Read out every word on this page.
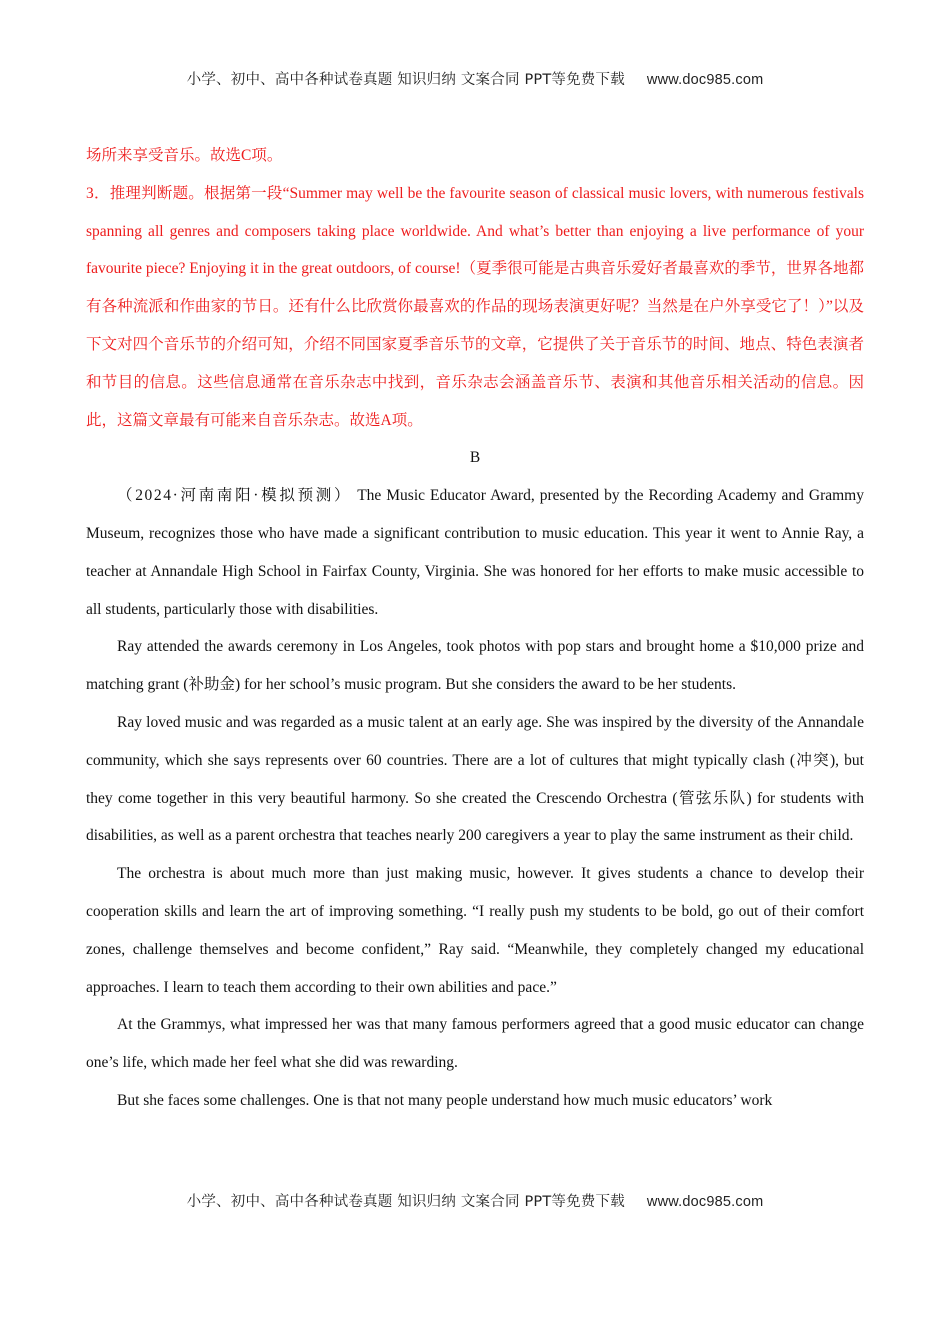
小学、初中、高中各种试卷真题 知识归纳 文案合同 PPT等免费下载 www.doc985.com

场所来享受音乐。故选C项。

3．推理判断题。根据第一段“Summer may well be the favourite season of classical music lovers, with numerous festivals spanning all genres and composers taking place worldwide. And what’s better than enjoying a live performance of your favourite piece? Enjoying it in the great outdoors, of course!（夏季很可能是古典音乐爱好者最喜欢的季节，世界各地都有各种流派和作曲家的节日。还有什么比欣赏你最喜欢的作品的现场表演更好呢？当然是在户外享受它了！）”以及下文对四个音乐节的介绍可知，介绍不同国家夏季音乐节的文章，它提供了关于音乐节的时间、地点、特色表演者和节目的信息。这些信息通常在音乐杂志中找到，音乐杂志会涵盖音乐节、表演和其他音乐相关活动的信息。因此，这篇文章最有可能来自音乐杂志。故选A项。

B

（2024·河南南阳·模拟预测） The Music Educator Award, presented by the Recording Academy and Grammy Museum, recognizes those who have made a significant contribution to music education. This year it went to Annie Ray, a teacher at Annandale High School in Fairfax County, Virginia. She was honored for her efforts to make music accessible to all students, particularly those with disabilities.

Ray attended the awards ceremony in Los Angeles, took photos with pop stars and brought home a $10,000 prize and matching grant (补助金) for her school’s music program. But she considers the award to be her students.

Ray loved music and was regarded as a music talent at an early age. She was inspired by the diversity of the Annandale community, which she says represents over 60 countries. There are a lot of cultures that might typically clash (冲突), but they come together in this very beautiful harmony. So she created the Crescendo Orchestra (管弦乐队) for students with disabilities, as well as a parent orchestra that teaches nearly 200 caregivers a year to play the same instrument as their child.

The orchestra is about much more than just making music, however. It gives students a chance to develop their cooperation skills and learn the art of improving something. “I really push my students to be bold, go out of their comfort zones, challenge themselves and become confident,” Ray said. “Meanwhile, they completely changed my educational approaches. I learn to teach them according to their own abilities and pace.”

At the Grammys, what impressed her was that many famous performers agreed that a good music educator can change one’s life, which made her feel what she did was rewarding.

But she faces some challenges. One is that not many people understand how much music educators’ work

小学、初中、高中各种试卷真题 知识归纳 文案合同 PPT等免费下载 www.doc985.com
